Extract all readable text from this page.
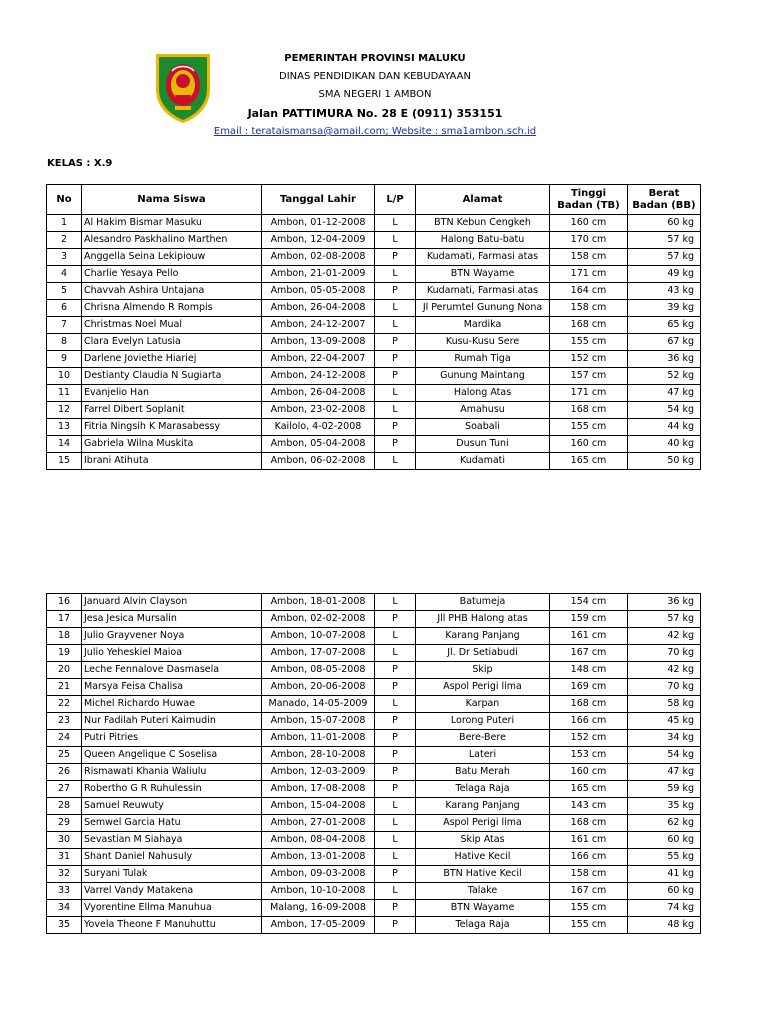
PEMERINTAH PROVINSI MALUKU
DINAS PENDIDIKAN DAN KEBUDAYAAN
SMA NEGERI 1 AMBON
Jalan PATTIMURA No. 28 E (0911) 353151
Email : terataismansa@amail.com; Website : sma1ambon.sch.id
KELAS : X.9
No	Nama Siswa	Tanggal Lahir	L/P	Alamat	Tinggi Badan (TB)	Berat Badan (BB)
1	Al Hakim Bismar Masuku	Ambon, 01-12-2008	L	BTN Kebun Cengkeh	160 cm	60 kg
2	Alesandro Paskhalino Marthen	Ambon, 12-04-2009	L	Halong Batu-batu	170 cm	57 kg
3	Anggella Seina Lekipiouw	Ambon, 02-08-2008	P	Kudamati, Farmasi atas	158 cm	57 kg
4	Charlie Yesaya Pello	Ambon, 21-01-2009	L	BTN Wayame	171 cm	49 kg
5	Chavvah Ashira Untajana	Ambon, 05-05-2008	P	Kudamati, Farmasi atas	164 cm	43 kg
6	Chrisna Almendo R Rompis	Ambon, 26-04-2008	L	Jl Perumtel Gunung Nona	158 cm	39 kg
7	Christmas Noel Mual	Ambon, 24-12-2007	L	Mardika	168 cm	65 kg
8	Clara Evelyn Latusia	Ambon, 13-09-2008	P	Kusu-Kusu Sere	155 cm	67 kg
9	Darlene Joviethe Hiariej	Ambon, 22-04-2007	P	Rumah Tiga	152 cm	36 kg
10	Destianty Claudia N Sugiarta	Ambon, 24-12-2008	P	Gunung Maintang	157 cm	52 kg
11	Evanjelio Han	Ambon, 26-04-2008	L	Halong Atas	171 cm	47 kg
12	Farrel Dibert Soplanit	Ambon, 23-02-2008	L	Amahusu	168 cm	54 kg
13	Fitria Ningsih K Marasabessy	Kailolo, 4-02-2008	P	Soabali	155 cm	44 kg
14	Gabriela Wilna Muskita	Ambon, 05-04-2008	P	Dusun Tuni	160 cm	40 kg
15	Ibrani Atihuta	Ambon, 06-02-2008	L	Kudamati	165 cm	50 kg
16	Januard Alvin Clayson	Ambon, 18-01-2008	L	Batumeja	154 cm	36 kg
17	Jesa Jesica Mursalin	Ambon, 02-02-2008	P	Jll PHB Halong atas	159 cm	57 kg
18	Julio Grayvener Noya	Ambon, 10-07-2008	L	Karang Panjang	161 cm	42 kg
19	Julio Yeheskiel Maioa	Ambon, 17-07-2008	L	Jl. Dr Setiabudi	167 cm	70 kg
20	Leche Fennalove Dasmasela	Ambon, 08-05-2008	P	Skip	148 cm	42 kg
21	Marsya Feisa Chalisa	Ambon, 20-06-2008	P	Aspol Perigi lima	169 cm	70 kg
22	Michel Richardo Huwae	Manado, 14-05-2009	L	Karpan	168 cm	58 kg
23	Nur Fadilah Puteri Kaimudin	Ambon, 15-07-2008	P	Lorong Puteri	166 cm	45 kg
24	Putri Pitries	Ambon, 11-01-2008	P	Bere-Bere	152 cm	34 kg
25	Queen Angelique C Soselisa	Ambon, 28-10-2008	P	Lateri	153 cm	54 kg
26	Rismawati Khania Waliulu	Ambon, 12-03-2009	P	Batu Merah	160 cm	47 kg
27	Robertho G R Ruhulessin	Ambon, 17-08-2008	P	Telaga Raja	165 cm	59 kg
28	Samuel Reuwuty	Ambon, 15-04-2008	L	Karang Panjang	143 cm	35 kg
29	Semwel Garcia Hatu	Ambon, 27-01-2008	L	Aspol Perigi lima	168 cm	62 kg
30	Sevastian M Siahaya	Ambon, 08-04-2008	L	Skip Atas	161 cm	60 kg
31	Shant Daniel Nahusuly	Ambon, 13-01-2008	L	Hative Kecil	166 cm	55 kg
32	Suryani Tulak	Ambon, 09-03-2008	P	BTN Hative Kecil	158 cm	41 kg
33	Varrel Vandy Matakena	Ambon, 10-10-2008	L	Talake	167 cm	60 kg
34	Vyorentine Ellma Manuhua	Malang, 16-09-2008	P	BTN Wayame	155 cm	74 kg
35	Yovela Theone F Manuhuttu	Ambon, 17-05-2009	P	Telaga Raja	155 cm	48 kg
